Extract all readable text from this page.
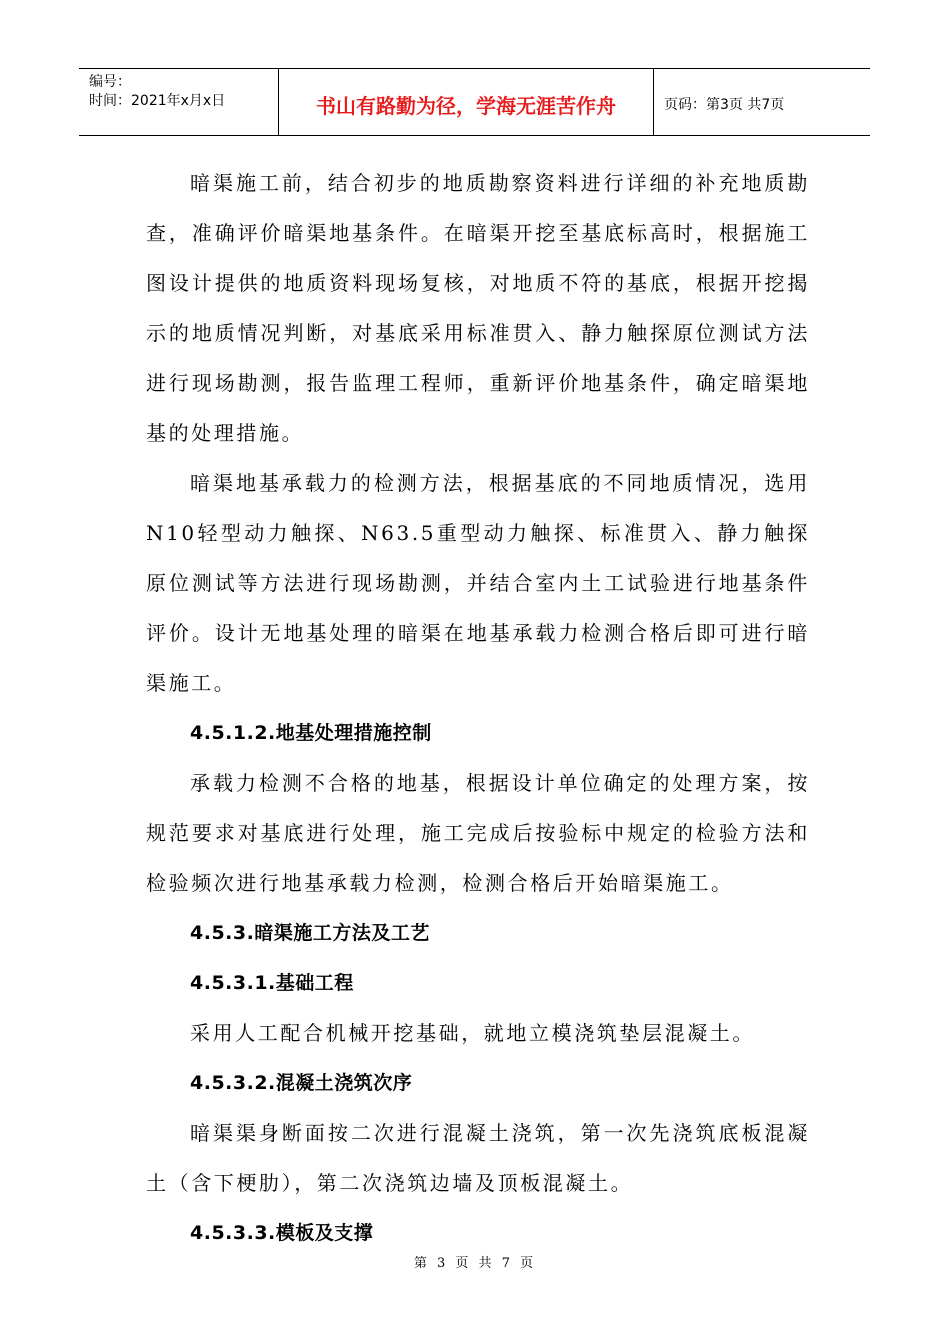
编号：
时间：2021年x月x日	书山有路勤为径，学海无涯苦作舟	页码：第3页 共7页

暗渠施工前，结合初步的地质勘察资料进行详细的补充地质勘查，准确评价暗渠地基条件。在暗渠开挖至基底标高时，根据施工图设计提供的地质资料现场复核，对地质不符的基底，根据开挖揭示的地质情况判断，对基底采用标准贯入、静力触探原位测试方法进行现场勘测，报告监理工程师，重新评价地基条件，确定暗渠地基的处理措施。

暗渠地基承载力的检测方法，根据基底的不同地质情况，选用N10轻型动力触探、N63.5重型动力触探、标准贯入、静力触探原位测试等方法进行现场勘测，并结合室内土工试验进行地基条件评价。设计无地基处理的暗渠在地基承载力检测合格后即可进行暗渠施工。

4.5.1.2.地基处理措施控制

承载力检测不合格的地基，根据设计单位确定的处理方案，按规范要求对基底进行处理，施工完成后按验标中规定的检验方法和检验频次进行地基承载力检测，检测合格后开始暗渠施工。

4.5.3.暗渠施工方法及工艺

4.5.3.1.基础工程

采用人工配合机械开挖基础，就地立模浇筑垫层混凝土。

4.5.3.2.混凝土浇筑次序

暗渠渠身断面按二次进行混凝土浇筑，第一次先浇筑底板混凝土（含下梗肋），第二次浇筑边墙及顶板混凝土。

4.5.3.3.模板及支撑

第 3 页 共 7 页
